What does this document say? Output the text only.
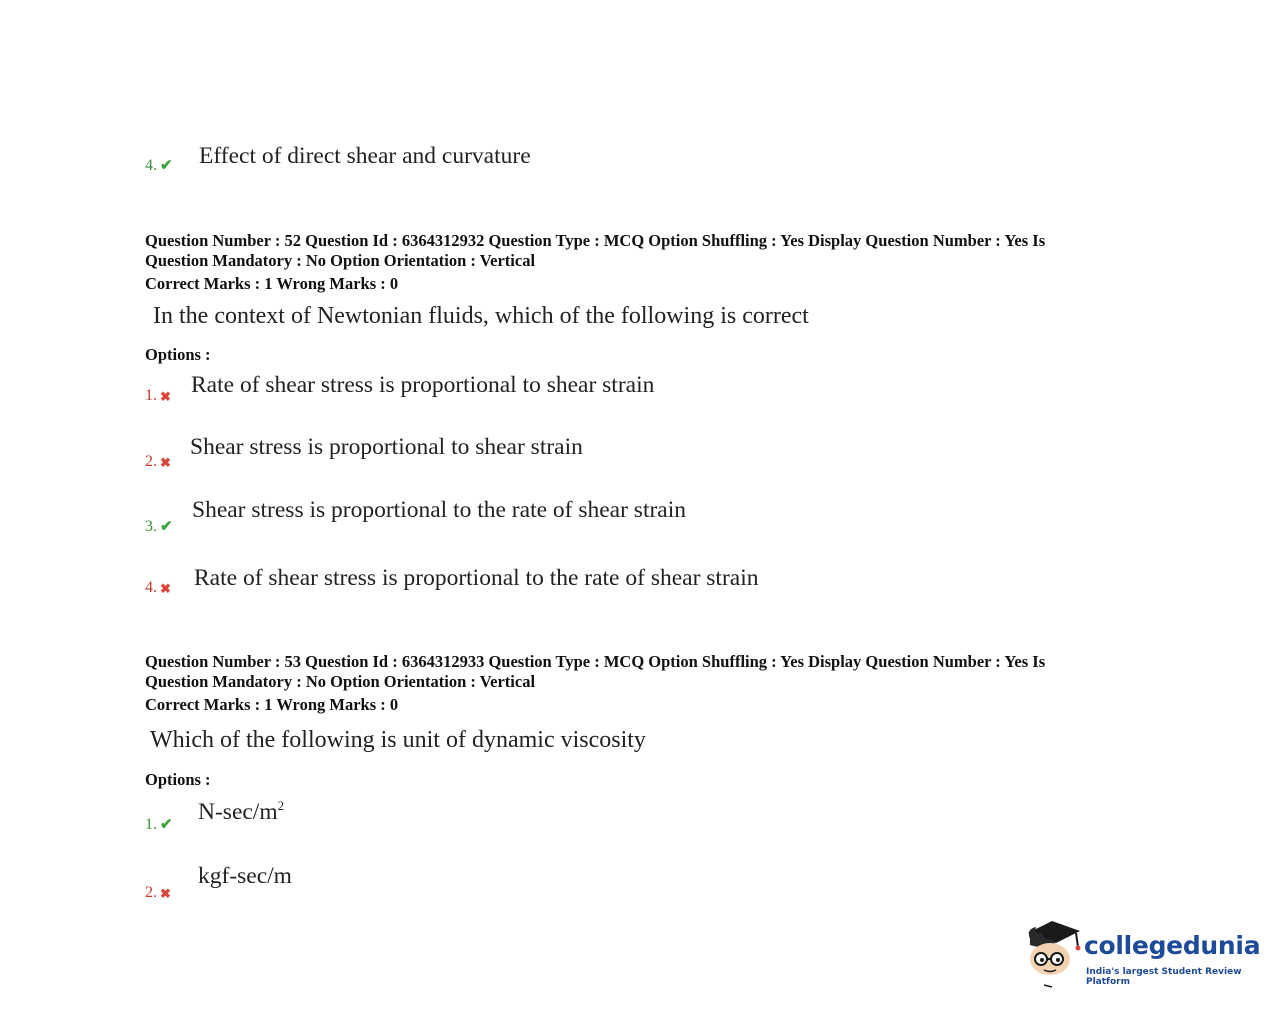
4. ✔ Effect of direct shear and curvature
Question Number : 52 Question Id : 6364312932 Question Type : MCQ Option Shuffling : Yes Display Question Number : Yes Is
Question Mandatory : No Option Orientation : Vertical
Correct Marks : 1 Wrong Marks : 0
In the context of Newtonian fluids, which of the following is correct
Options :
1. ✖ Rate of shear stress is proportional to shear strain
2. ✖
Shear stress is proportional to shear strain
3. ✔
Shear stress is proportional to the rate of shear strain
4. ✖ Rate of shear stress is proportional to the rate of shear strain
Question Number : 53 Question Id : 6364312933 Question Type : MCQ Option Shuffling : Yes Display Question Number : Yes Is
Question Mandatory : No Option Orientation : Vertical
Correct Marks : 1 Wrong Marks : 0
Which of the following is unit of dynamic viscosity
Options :
1. ✔ $N-\sec/m^2$
2. ✖
kgf-sec/m
collegedunia
India's largest Student Review Platform
